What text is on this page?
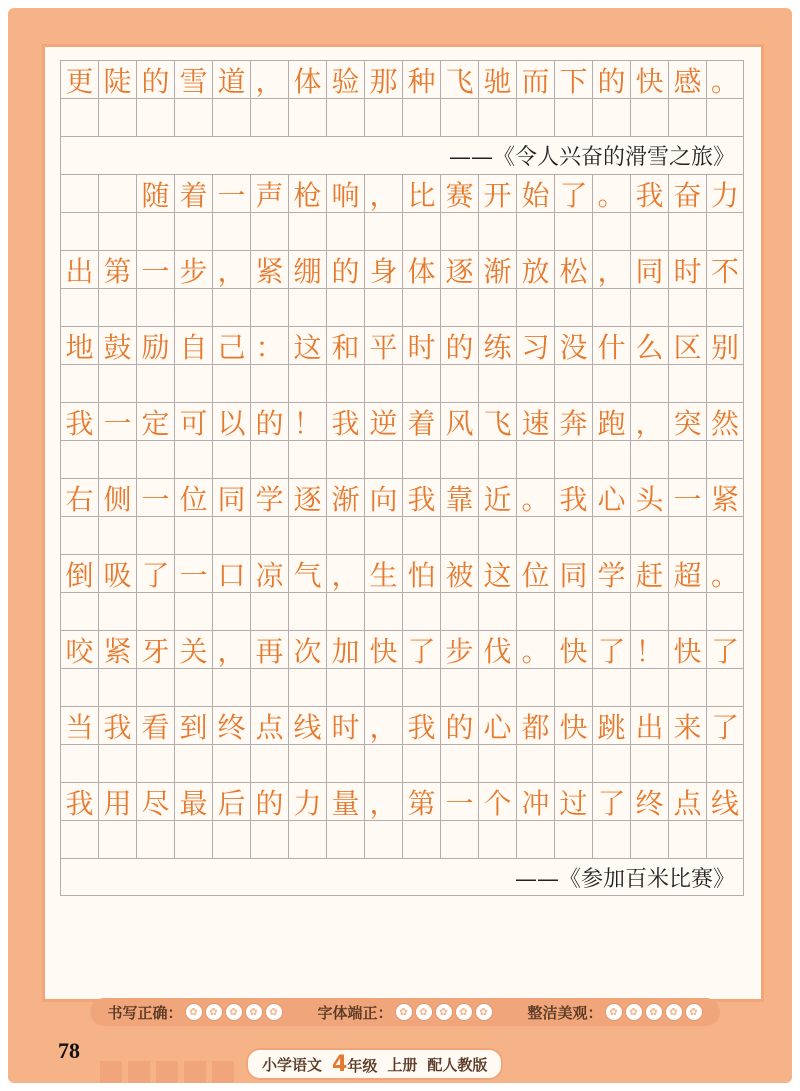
更 陡 的 雪 道 ， 体 验 那 种 飞 驰 而 下 的 快 感 。
——《令人兴奋的滑雪之旅》
随 着 一 声 枪 响 ， 比 赛 开 始 了 。 我 奋 力
出 第 一 步 ， 紧 绷 的 身 体 逐 渐 放 松 ， 同 时 不
地 鼓 励 自 己 ： 这 和 平 时 的 练 习 没 什 么 区 别
我 一 定 可 以 的 ！ 我 逆 着 风 飞 速 奔 跑 ， 突 然
右 侧 一 位 同 学 逐 渐 向 我 靠 近 。 我 心 头 一 紧
倒 吸 了 一 口 凉 气 ， 生 怕 被 这 位 同 学 赶 超 。
咬 紧 牙 关 ， 再 次 加 快 了 步 伐 。 快 了 ！ 快 了
当 我 看 到 终 点 线 时 ， 我 的 心 都 快 跳 出 来 了
我 用 尽 最 后 的 力 量 ， 第 一 个 冲 过 了 终 点 线
——《参加百米比赛》
书写正确： ✿	✿	✿	✿	✿	字体端正： ✿	✿	✿	✿	✿	整洁美观： ✿	✿	✿	✿	✿
78
小学语文 4年级 上册 配人教版
